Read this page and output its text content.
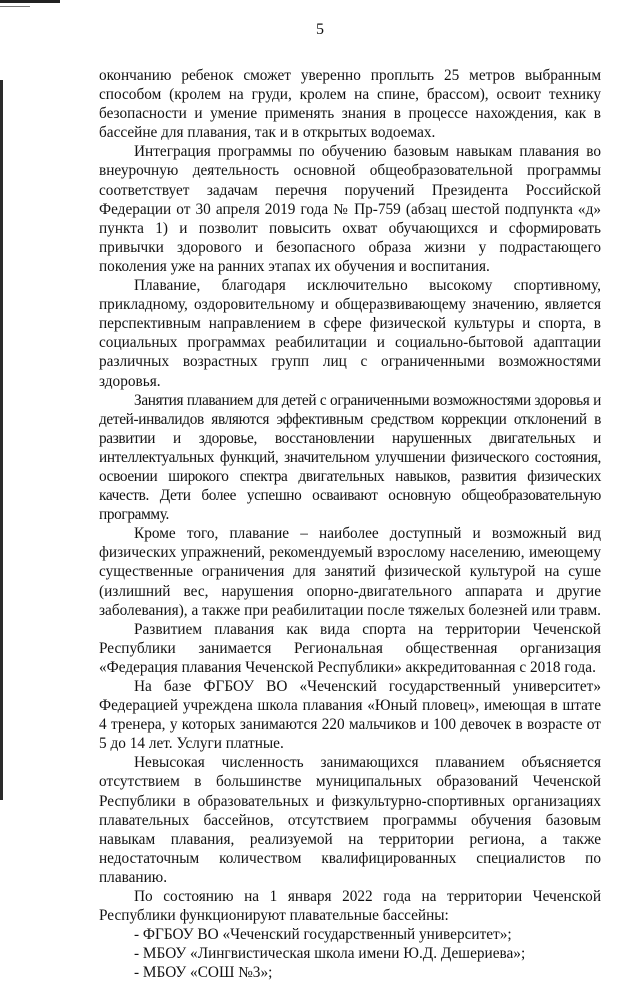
5

окончанию ребенок сможет уверенно проплыть 25 метров выбранным способом (кролем на груди, кролем на спине, брассом), освоит технику безопасности и умение применять знания в процессе нахождения, как в бассейне для плавания, так и в открытых водоемах.

Интеграция программы по обучению базовым навыкам плавания во внеурочную деятельность основной общеобразовательной программы соответствует задачам перечня поручений Президента Российской Федерации от 30 апреля 2019 года № Пр-759 (абзац шестой подпункта «д» пункта 1) и позволит повысить охват обучающихся и сформировать привычки здорового и безопасного образа жизни у подрастающего поколения уже на ранних этапах их обучения и воспитания.

Плавание, благодаря исключительно высокому спортивному, прикладному, оздоровительному и общеразвивающему значению, является перспективным направлением в сфере физической культуры и спорта, в социальных программах реабилитации и социально-бытовой адаптации различных возрастных групп лиц с ограниченными возможностями здоровья.

Занятия плаванием для детей с ограниченными возможностями здоровья и детей-инвалидов являются эффективным средством коррекции отклонений в развитии и здоровье, восстановлении нарушенных двигательных и интеллектуальных функций, значительном улучшении физического состояния, освоении широкого спектра двигательных навыков, развития физических качеств. Дети более успешно осваивают основную общеобразовательную программу.

Кроме того, плавание – наиболее доступный и возможный вид физических упражнений, рекомендуемый взрослому населению, имеющему существенные ограничения для занятий физической культурой на суше (излишний вес, нарушения опорно-двигательного аппарата и другие заболевания), а также при реабилитации после тяжелых болезней или травм.

Развитием плавания как вида спорта на территории Чеченской Республики занимается Региональная общественная организация «Федерация плавания Чеченской Республики» аккредитованная с 2018 года.

На базе ФГБОУ ВО «Чеченский государственный университет» Федерацией учреждена школа плавания «Юный пловец», имеющая в штате 4 тренера, у которых занимаются 220 мальчиков и 100 девочек в возрасте от 5 до 14 лет. Услуги платные.

Невысокая численность занимающихся плаванием объясняется отсутствием в большинстве муниципальных образований Чеченской Республики в образовательных и физкультурно-спортивных организациях плавательных бассейнов, отсутствием программы обучения базовым навыкам плавания, реализуемой на территории региона, а также недостаточным количеством квалифицированных специалистов по плаванию.

По состоянию на 1 января 2022 года на территории Чеченской Республики функционируют плавательные бассейны:

- ФГБОУ ВО «Чеченский государственный университет»;

- МБОУ «Лингвистическая школа имени Ю.Д. Дешериева»;

- МБОУ «СОШ №3»;
